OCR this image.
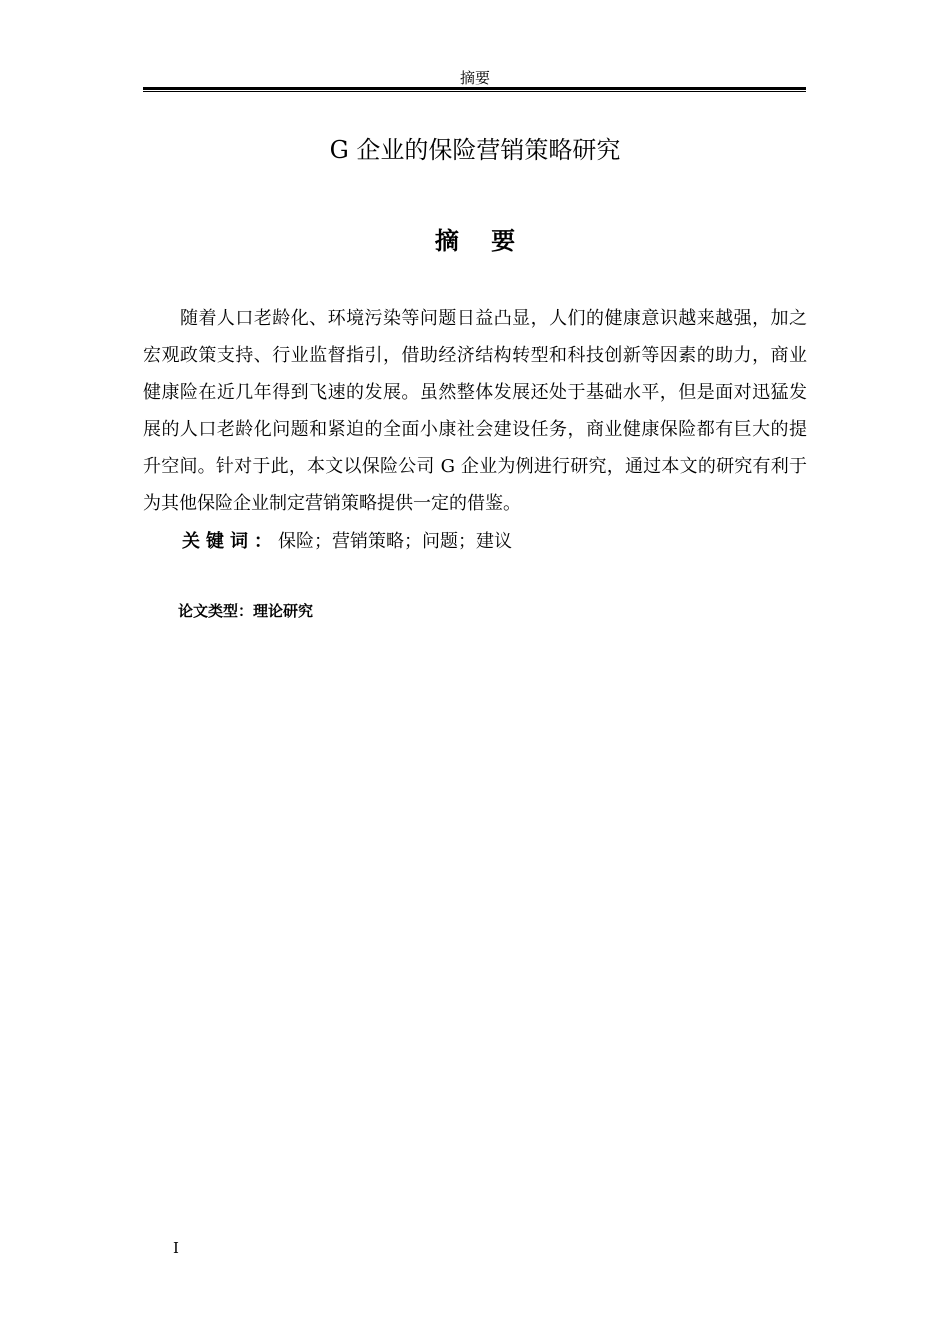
摘要
G 企业的保险营销策略研究
摘 要

随着人口老龄化、环境污染等问题日益凸显，人们的健康意识越来越强，加之宏观政策支持、行业监督指引，借助经济结构转型和科技创新等因素的助力，商业健康险在近几年得到飞速的发展。虽然整体发展还处于基础水平，但是面对迅猛发展的人口老龄化问题和紧迫的全面小康社会建设任务，商业健康保险都有巨大的提升空间。针对于此，本文以保险公司 G 企业为例进行研究，通过本文的研究有利于为其他保险企业制定营销策略提供一定的借鉴。

关键词：保险；营销策略；问题；建议
论文类型：理论研究
I
